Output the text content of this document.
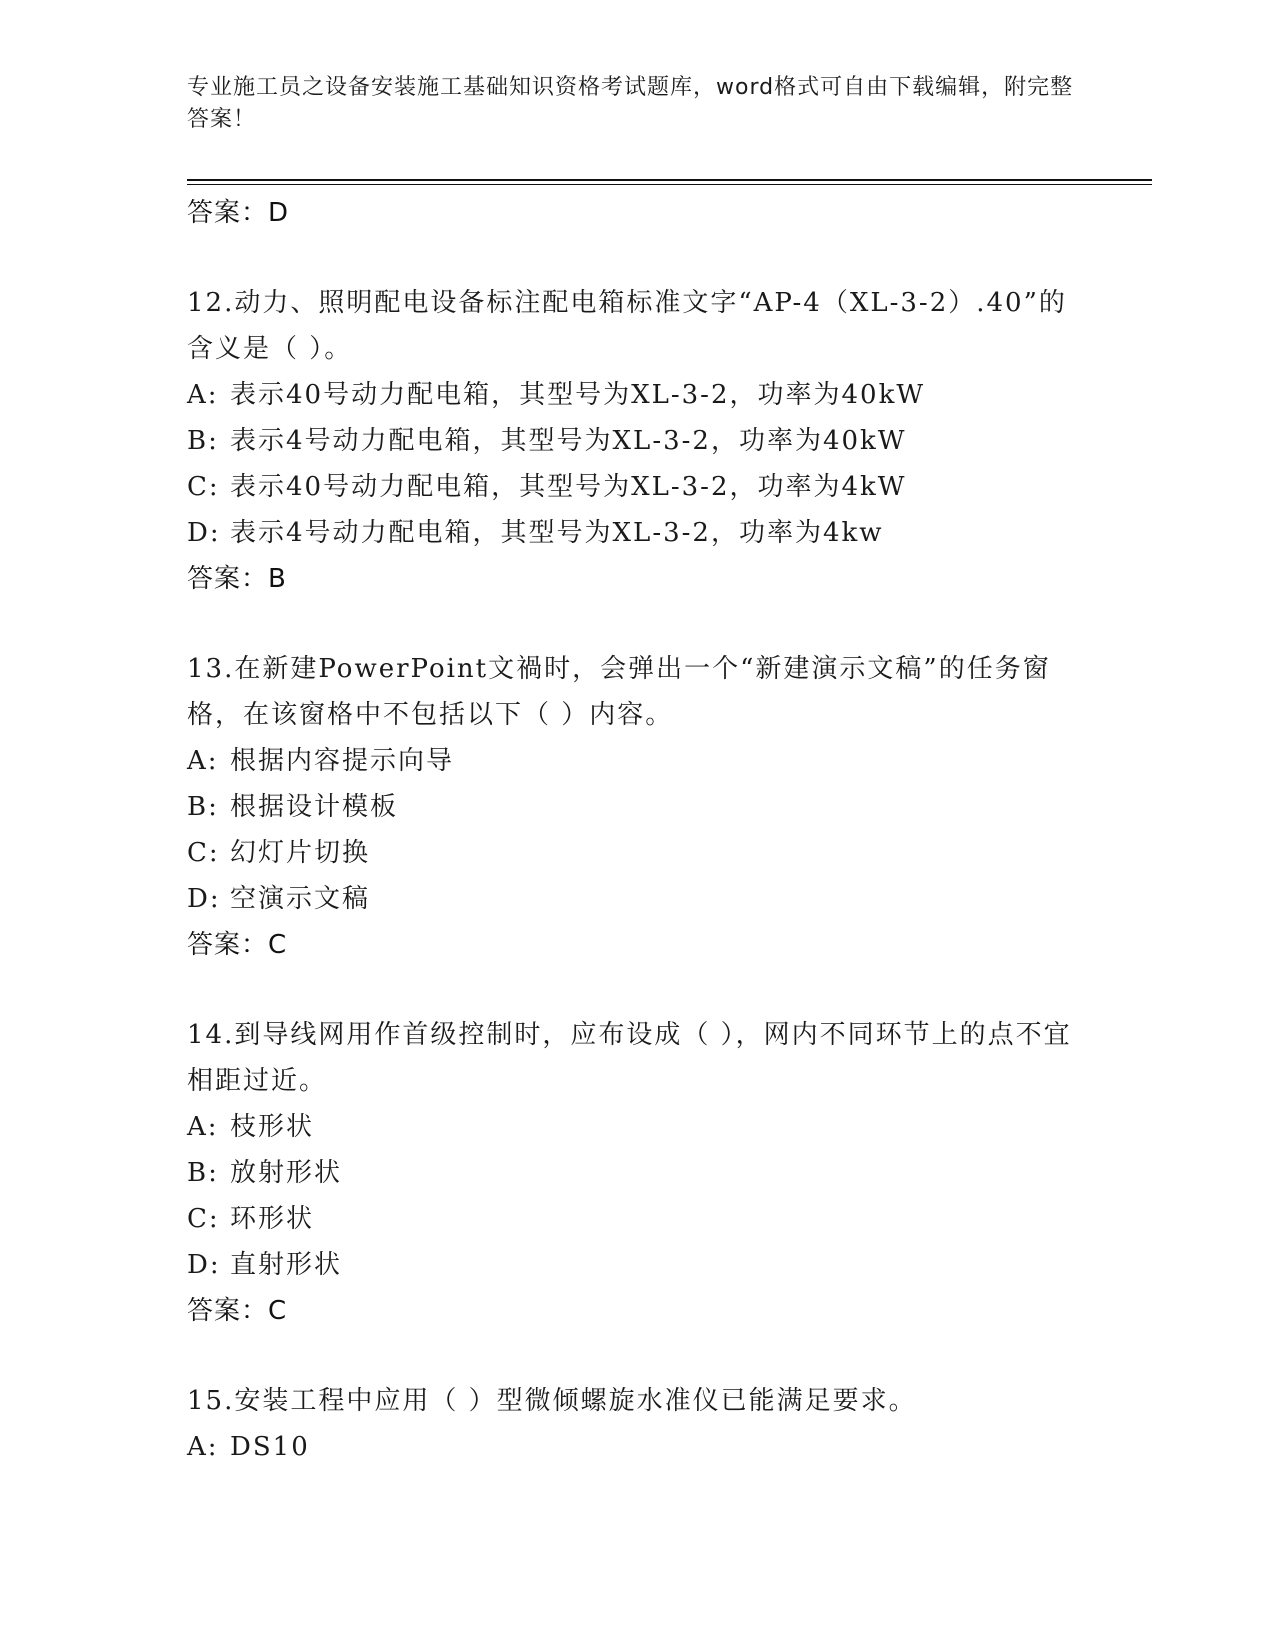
专业施工员之设备安装施工基础知识资格考试题库，word格式可自由下载编辑，附完整答案！
答案：D
12.动力、照明配电设备标注配电箱标准文字“AP-4（XL-3-2）.40”的含义是（ ）。
A: 表示40号动力配电箱，其型号为XL-3-2，功率为40kW
B: 表示4号动力配电箱，其型号为XL-3-2，功率为40kW
C: 表示40号动力配电箱，其型号为XL-3-2，功率为4kW
D: 表示4号动力配电箱，其型号为XL-3-2，功率为4kw
答案：B
13.在新建PowerPoint文禍时，会弹出一个“新建演示文稿”的任务窗格，在该窗格中不包括以下（ ）内容。
A: 根据内容提示向导
B: 根据设计模板
C: 幻灯片切换
D: 空演示文稿
答案：C
14.到导线网用作首级控制时，应布设成（ ），网内不同环节上的点不宜相距过近。
A: 枝形状
B: 放射形状
C: 环形状
D: 直射形状
答案：C
15.安装工程中应用（ ）型微倾螺旋水准仪已能满足要求。
A: DS10
